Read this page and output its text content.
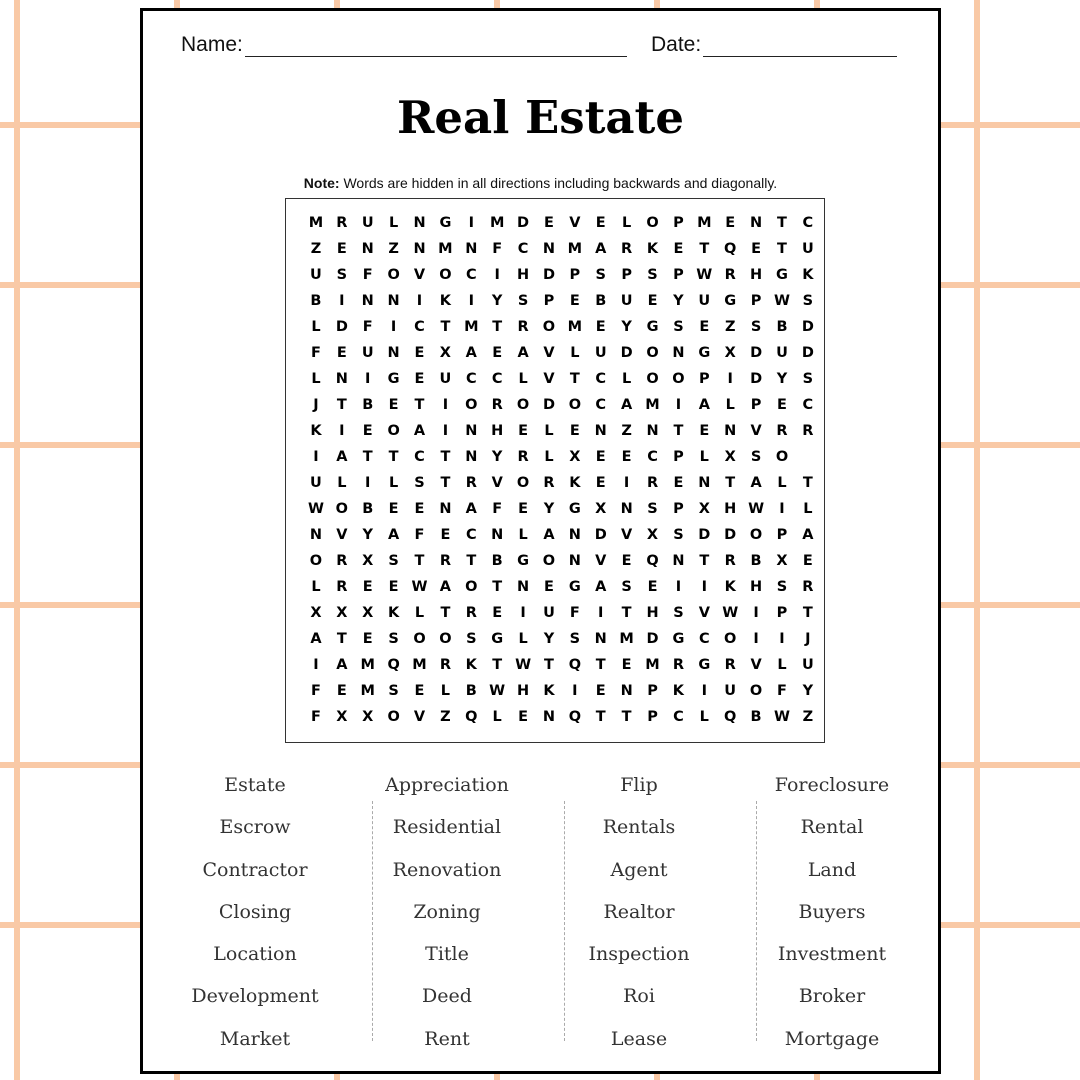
Name:	Date:
Real Estate
Note: Words are hidden in all directions including backwards and diagonally.
M R U	L	N G	I	M D	E	V	E	L	O P M E	N	T	C
Z	E	N	Z	N M N	F	C	N M A	R	K	E	T	Q	E	T	U
U	S	F	O V O C	I	H D	P	S	P	S	P W R H G K
B	I	N N	I	K	I	Y	S	P	E	B U	E	Y	U G	P W S
L	D	F	I	C	T M T	R O M E	Y	G	S	E	Z	S	B D
F	E	U N	E	X	A	E	A	V	L	U D O N G X D U D
L	N	I	G	E	U	C	C	L	V	T	C	L	O O P	I	D	Y	S
J	T	B	E	T	I	O R O D O C	A M	I	A	L	P	E	C
K	I	E	O A	I	N H	E	L	E	N	Z	N	T	E	N V	R	R
I	A	T	T	C	T	N	Y	R	L	X	E	E	C	P	L	X	S	O
U	L	I	L	S	T	R	V O R	K	E	I	R	E	N	T	A	L	T
W O B	E	E	N A	F	E	Y	G X N	S	P	X H W	I	L
N V	Y	A	F	E	C	N	L	A N D V	X	S	D D O P	A
O R	X	S	T	R	T	B G O N V	E	Q N	T	R	B	X	E
L	R	E	E W A O	T	N	E	G A	S	E	I	I	K H	S	R
X	X	X	K	L	T	R	E	I	U	F	I	T	H	S	V W	I	P	T
A	T	E	S	O O	S	G	L	Y	S	N M D G	C O	I	I	J
I	A M Q M R	K	T W T	Q	T	E M R G R	V	L	U
F	E M S	E	L	B W H K	I	E	N	P	K	I	U O	F	Y
F	X	X O V	Z Q	L	E	N Q	T	T	P	C	L	Q B W Z
Estate
Escrow
Contractor
Closing
Location
Development
Market
Appreciation
Residential
Renovation
Zoning
Title
Deed
Rent
Flip
Rentals
Agent
Realtor
Inspection
Roi
Lease
Foreclosure
Rental
Land
Buyers
Investment
Broker
Mortgage
